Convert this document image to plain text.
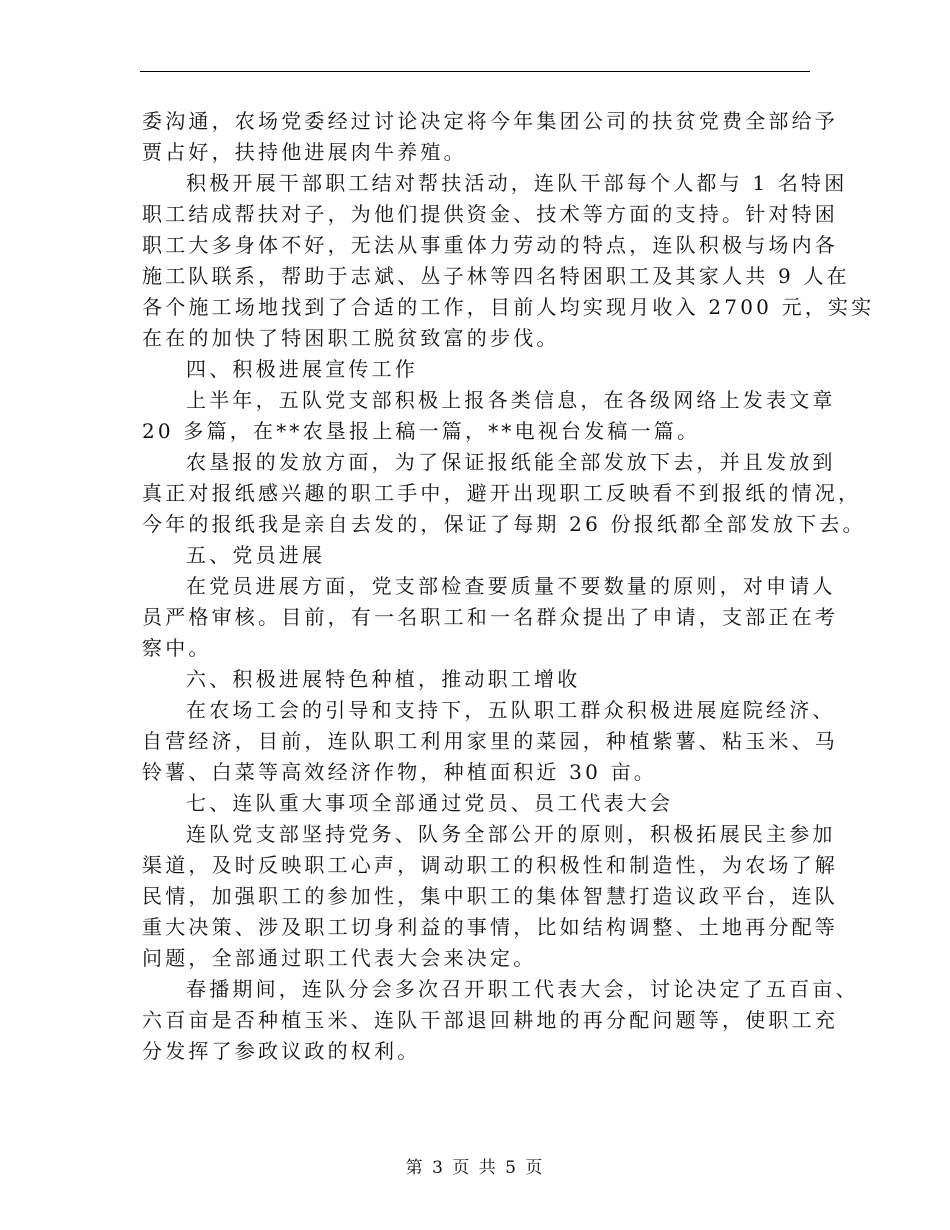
委沟通，农场党委经过讨论决定将今年集团公司的扶贫党费全部给予
贾占好，扶持他进展肉牛养殖。
积极开展干部职工结对帮扶活动，连队干部每个人都与 1 名特困
职工结成帮扶对子，为他们提供资金、技术等方面的支持。针对特困
职工大多身体不好，无法从事重体力劳动的特点，连队积极与场内各
施工队联系，帮助于志斌、丛子林等四名特困职工及其家人共 9 人在
各个施工场地找到了合适的工作，目前人均实现月收入 2700 元，实实
在在的加快了特困职工脱贫致富的步伐。
四、积极进展宣传工作
上半年，五队党支部积极上报各类信息，在各级网络上发表文章
20 多篇，在**农垦报上稿一篇，**电视台发稿一篇。
农垦报的发放方面，为了保证报纸能全部发放下去，并且发放到
真正对报纸感兴趣的职工手中，避开出现职工反映看不到报纸的情况，
今年的报纸我是亲自去发的，保证了每期 26 份报纸都全部发放下去。
五、党员进展
在党员进展方面，党支部检查要质量不要数量的原则，对申请人
员严格审核。目前，有一名职工和一名群众提出了申请，支部正在考
察中。
六、积极进展特色种植，推动职工增收
在农场工会的引导和支持下，五队职工群众积极进展庭院经济、
自营经济，目前，连队职工利用家里的菜园，种植紫薯、粘玉米、马
铃薯、白菜等高效经济作物，种植面积近 30 亩。
七、连队重大事项全部通过党员、员工代表大会
连队党支部坚持党务、队务全部公开的原则，积极拓展民主参加
渠道，及时反映职工心声，调动职工的积极性和制造性，为农场了解
民情，加强职工的参加性，集中职工的集体智慧打造议政平台，连队
重大决策、涉及职工切身利益的事情，比如结构调整、土地再分配等
问题，全部通过职工代表大会来决定。
春播期间，连队分会多次召开职工代表大会，讨论决定了五百亩、
六百亩是否种植玉米、连队干部退回耕地的再分配问题等，使职工充
分发挥了参政议政的权利。
第 3 页 共 5 页
